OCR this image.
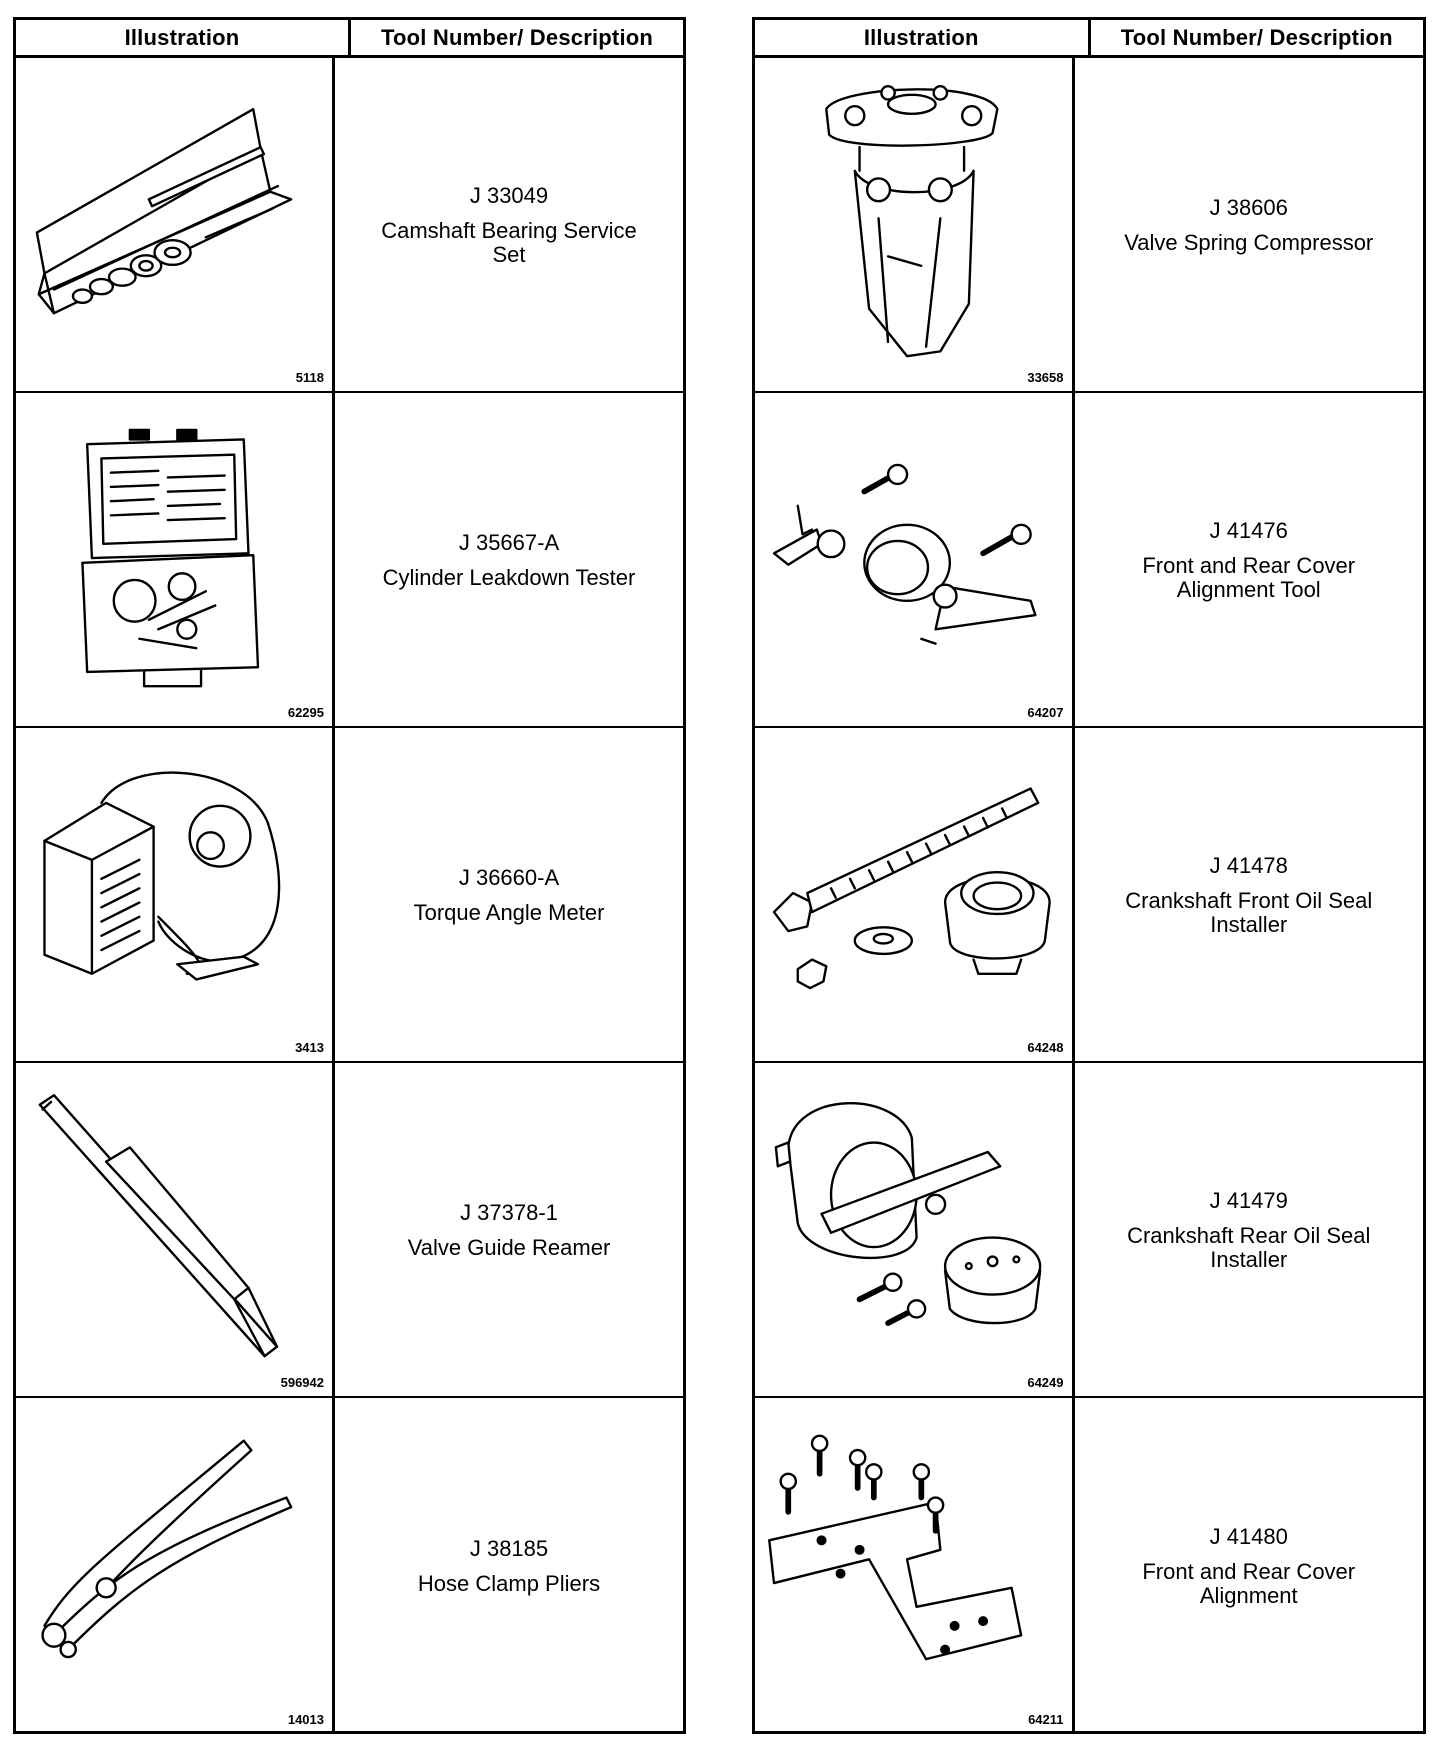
Illustration	Tool Number/ Description
5118
J 33049
Camshaft Bearing Service Set
62295
J 35667-A
Cylinder Leakdown Tester
3413
J 36660-A
Torque Angle Meter
596942
J 37378-1
Valve Guide Reamer
14013
J 38185
Hose Clamp Pliers
Illustration	Tool Number/ Description
33658
J 38606
Valve Spring Compressor
64207
J 41476
Front and Rear Cover Alignment Tool
64248
J 41478
Crankshaft Front Oil Seal Installer
64249
J 41479
Crankshaft Rear Oil Seal Installer
64211
J 41480
Front and Rear Cover Alignment
